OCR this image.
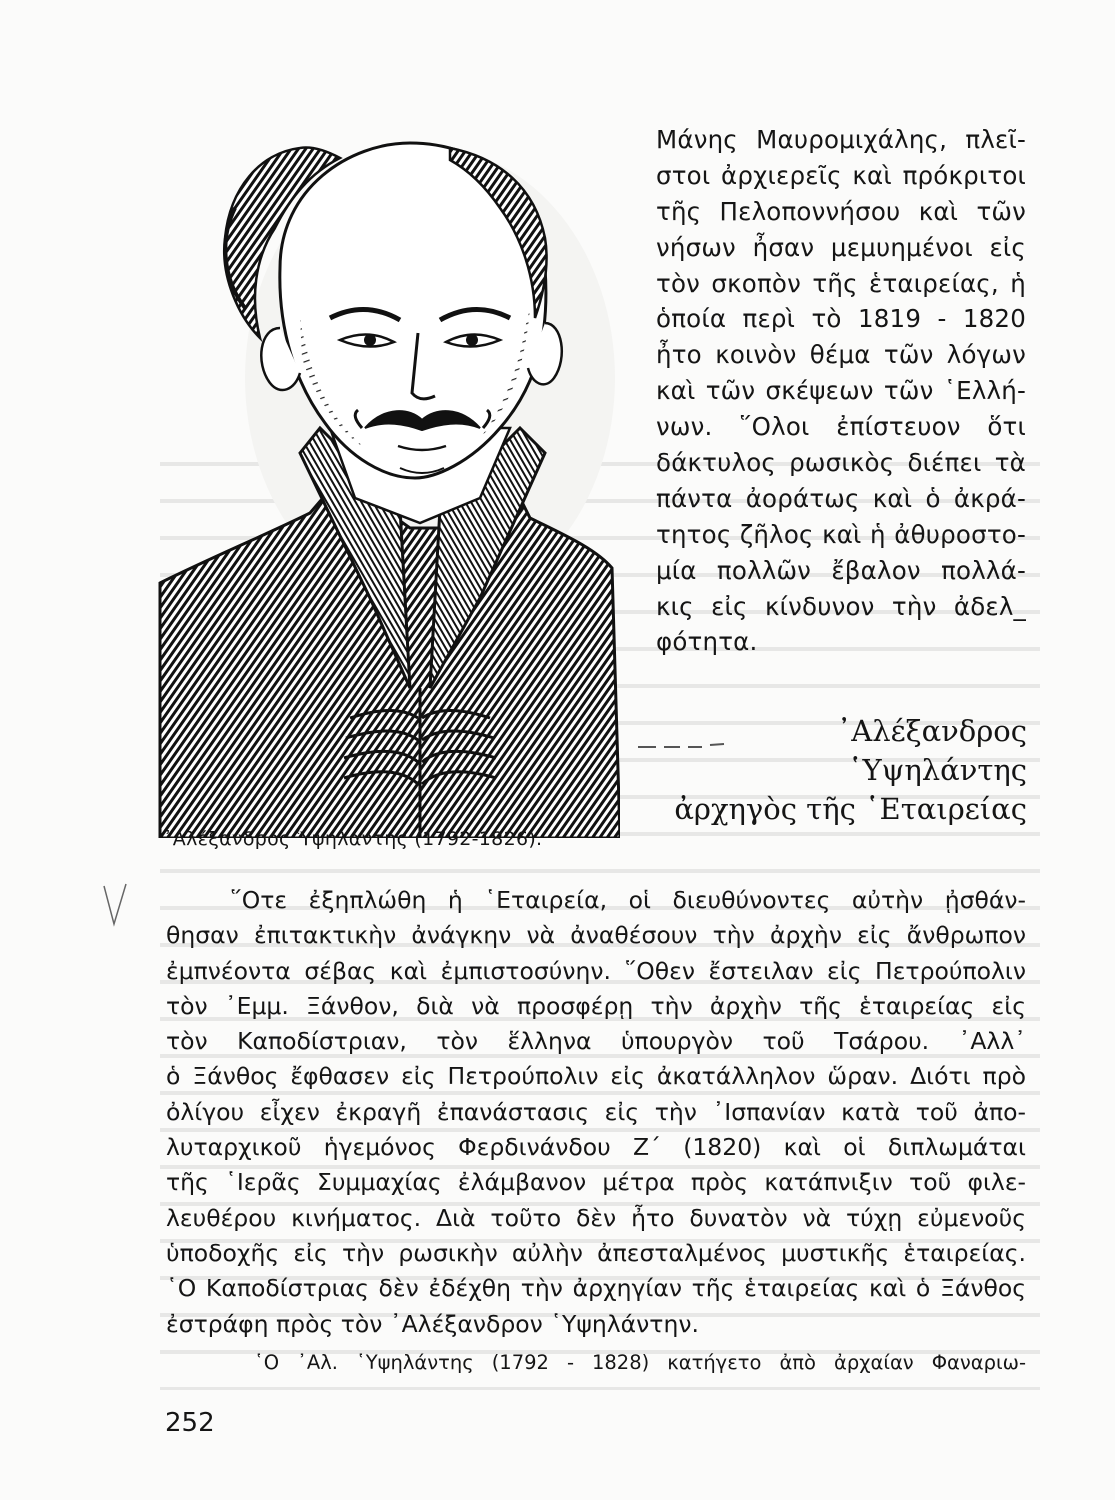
᾿Αλέξανδρος Ὑψηλάντης (1792-1826).
Μάνης Μαυρομιχάλης, πλεῖ-
στοι ἀρχιερεῖς καὶ πρόκριτοι
τῆς Πελοποννήσου καὶ τῶν
νήσων ἦσαν μεμυημένοι εἰς
τὸν σκοπὸν τῆς ἑταιρείας, ἡ
ὁποία περὶ τὸ 1819 - 1820
ἦτο κοινὸν θέμα τῶν λόγων
καὶ τῶν σκέψεων τῶν ῾Ελλή-
νων. ῞Ολοι ἐπίστευον ὅτι
δάκτυλος ρωσικὸς διέπει τὰ
πάντα ἀοράτως καὶ ὁ ἀκρά-
τητος ζῆλος καὶ ἡ ἀθυροστο-
μία πολλῶν ἔβαλον πολλά-
κις εἰς κίνδυνον τὴν ἀδελ_
φότητα.
᾿Αλέξανδρος
῾Υψηλάντης
ἀρχηγὸς τῆς ῾Εταιρείας
῞Οτε ἐξηπλώθη ἡ ῾Εταιρεία, οἱ διευθύνοντες αὐτὴν ᾐσθάν-
θησαν ἐπιτακτικὴν ἀνάγκην νὰ ἀναθέσουν τὴν ἀρχὴν εἰς ἄνθρωπον
ἐμπνέοντα σέβας καὶ ἐμπιστοσύνην. ῞Οθεν ἔστειλαν εἰς Πετρούπολιν
τὸν ᾿Εμμ. Ξάνθον, διὰ νὰ προσφέρῃ τὴν ἀρχὴν τῆς ἑταιρείας εἰς
τὸν Καποδίστριαν, τὸν ἕλληνα ὑπουργὸν τοῦ Τσάρου. ᾿Αλλ᾿
ὁ Ξάνθος ἔφθασεν εἰς Πετρούπολιν εἰς ἀκατάλληλον ὥραν. Διότι πρὸ
ὀλίγου εἶχεν ἐκραγῆ ἐπανάστασις εἰς τὴν ᾿Ισπανίαν κατὰ τοῦ ἀπο-
λυταρχικοῦ ἡγεμόνος Φερδινάνδου Ζ΄ (1820) καὶ οἱ διπλωμάται
τῆς ῾Ιερᾶς Συμμαχίας ἐλάμβανον μέτρα πρὸς κατάπνιξιν τοῦ φιλε-
λευθέρου κινήματος. Διὰ τοῦτο δὲν ἦτο δυνατὸν νὰ τύχῃ εὐμενοῦς
ὑποδοχῆς εἰς τὴν ρωσικὴν αὐλὴν ἀπεσταλμένος μυστικῆς ἑταιρείας.
῾Ο Καποδίστριας δὲν ἐδέχθη τὴν ἀρχηγίαν τῆς ἑταιρείας καὶ ὁ Ξάνθος
ἐστράφη πρὸς τὸν ᾿Αλέξανδρον ῾Υψηλάντην.
῾Ο ᾿Αλ. ῾Υψηλάντης (1792 - 1828) κατήγετο ἀπὸ ἀρχαίαν Φαναριω-
252
